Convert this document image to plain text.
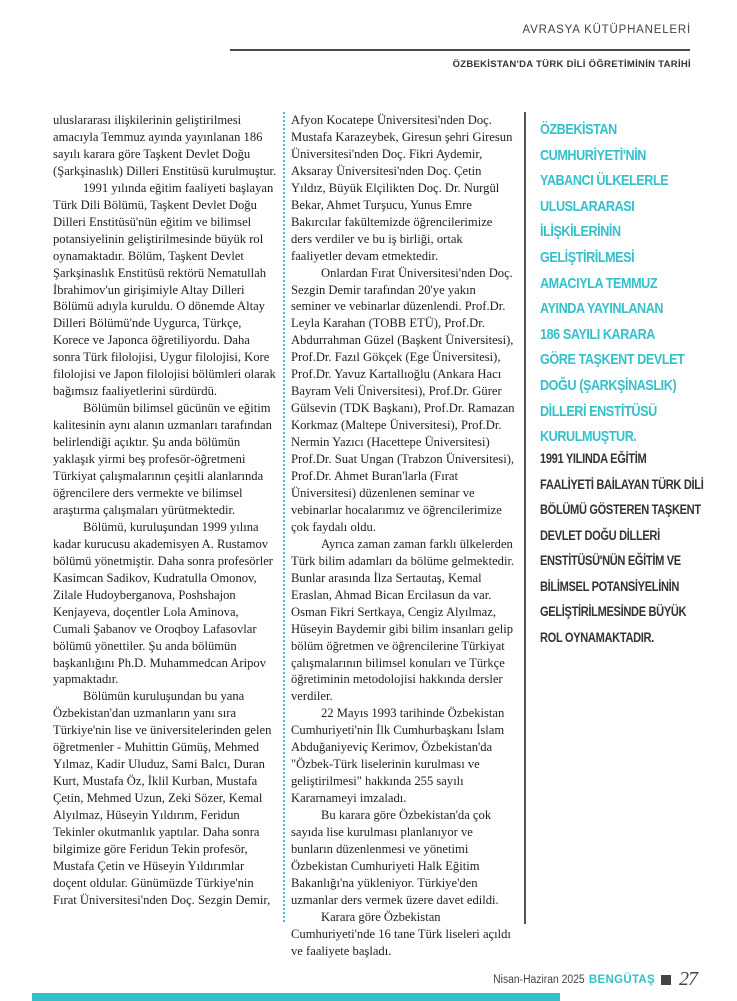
AVRASYA KÜTÜPHANELERİ
ÖZBEKİSTAN'DA TÜRK DİLİ ÖĞRETİMİNİN TARİHİ

uluslararası ilişkilerinin geliştirilmesi amacıyla Temmuz ayında yayınlanan 186 sayılı karara göre Taşkent Devlet Doğu (Şarkşinaslık) Dilleri Enstitüsü kurulmuştur.

1991 yılında eğitim faaliyeti başlayan Türk Dili Bölümü, Taşkent Devlet Doğu Dilleri Enstitüsü'nün eğitim ve bilimsel potansiyelinin geliştirilmesinde büyük rol oynamaktadır. Bölüm, Taşkent Devlet Şarkşinaslık Enstitüsü rektörü Nematullah İbrahimov'un girişimiyle Altay Dilleri Bölümü adıyla kuruldu. O dönemde Altay Dilleri Bölümü'nde Uygurca, Türkçe, Korece ve Japonca öğretiliyordu. Daha sonra Türk filolojisi, Uygur filolojisi, Kore filolojisi ve Japon filolojisi bölümleri olarak bağımsız faaliyetlerini sürdürdü.

Bölümün bilimsel gücünün ve eğitim kalitesinin aynı alanın uzmanları tarafından belirlendiği açıktır. Şu anda bölümün yaklaşık yirmi beş profesör-öğretmeni Türkiyat çalışmalarının çeşitli alanlarında öğrencilere ders vermekte ve bilimsel araştırma çalışmaları yürütmektedir.

Bölümü, kuruluşundan 1999 yılına kadar kurucusu akademisyen A. Rustamov bölümü yönetmiştir. Daha sonra profesörler Kasimcan Sadikov, Kudratulla Omonov, Zilale Hudoyberganova, Poshshajon Kenjayeva, doçentler Lola Aminova, Cumali Şabanov ve Oroqboy Lafasovlar bölümü yönettiler. Şu anda bölümün başkanlığını Ph.D. Muhammedcan Aripov yapmaktadır.

Bölümün kuruluşundan bu yana Özbekistan'dan uzmanların yanı sıra Türkiye'nin lise ve üniversitelerinden gelen öğretmenler - Muhittin Gümüş, Mehmed Yılmaz, Kadir Uluduz, Sami Balcı, Duran Kurt, Mustafa Öz, İklil Kurban, Mustafa Çetin, Mehmed Uzun, Zeki Sözer, Kemal Alyılmaz, Hüseyin Yıldırım, Feridun Tekinler okutmanlık yaptılar. Daha sonra bilgimize göre Feridun Tekin profesör, Mustafa Çetin ve Hüseyin Yıldırımlar doçent oldular. Günümüzde Türkiye'nin Fırat Üniversitesi'nden Doç. Sezgin Demir,

Afyon Kocatepe Üniversitesi'nden Doç. Mustafa Karazeybek, Giresun şehri Giresun Üniversitesi'nden Doç. Fikri Aydemir, Aksaray Üniversitesi'nden Doç. Çetin Yıldız, Büyük Elçilikten Doç. Dr. Nurgül Bekar, Ahmet Turşucu, Yunus Emre Bakırcılar fakültemizde öğrencilerimize ders verdiler ve bu iş birliği, ortak faaliyetler devam etmektedir.

Onlardan Fırat Üniversitesi'nden Doç. Sezgin Demir tarafından 20'ye yakın seminer ve vebinarlar düzenlendi. Prof.Dr. Leyla Karahan (TOBB ETÜ), Prof.Dr. Abdurrahman Güzel (Başkent Üniversitesi), Prof.Dr. Fazıl Gökçek (Ege Üniversitesi), Prof.Dr. Yavuz Kartallıoğlu (Ankara Hacı Bayram Veli Üniversitesi), Prof.Dr. Gürer Gülsevin (TDK Başkanı), Prof.Dr. Ramazan Korkmaz (Maltepe Üniversitesi), Prof.Dr. Nermin Yazıcı (Hacettepe Üniversitesi) Prof.Dr. Suat Ungan (Trabzon Üniversitesi), Prof.Dr. Ahmet Buran'larla (Fırat Üniversitesi) düzenlenen seminar ve vebinarlar hocalarımız ve öğrencilerimize çok faydalı oldu.

Ayrıca zaman zaman farklı ülkelerden Türk bilim adamları da bölüme gelmektedir. Bunlar arasında İlza Sertautaş, Kemal Eraslan, Ahmad Bican Ercilasun da var. Osman Fikri Sertkaya, Cengiz Alyılmaz, Hüseyin Baydemir gibi bilim insanları gelip bölüm öğretmen ve öğrencilerine Türkiyat çalışmalarının bilimsel konuları ve Türkçe öğretiminin metodolojisi hakkında dersler verdiler.

22 Mayıs 1993 tarihinde Özbekistan Cumhuriyeti'nin İlk Cumhurbaşkanı İslam Abduğaniyeviç Kerimov, Özbekistan'da "Özbek-Türk liselerinin kurulması ve geliştirilmesi" hakkında 255 sayılı Kararnameyi imzaladı.

Bu karara göre Özbekistan'da çok sayıda lise kurulması planlanıyor ve bunların düzenlenmesi ve yönetimi Özbekistan Cumhuriyeti Halk Eğitim Bakanlığı'na yükleniyor. Türkiye'den uzmanlar ders vermek üzere davet edildi.

Karara göre Özbekistan Cumhuriyeti'nde 16 tane Türk liseleri açıldı ve faaliyete başladı.

ÖZBEKİSTAN
CUMHURİYETİ'NİN
YABANCI ÜLKELERLE
ULUSLARARASI
İLİŞKİLERİNİN
GELİŞTİRİLMESİ
AMACIYLA TEMMUZ
AYINDA YAYINLANAN
186 SAYILI KARARA
GÖRE TAŞKENT DEVLET
DOĞU (ŞARKŞİNASLIK)
DİLLERİ ENSTİTÜSÜ
KURULMUŞTUR.
1991 YILINDA EĞİTİM
FAALİYETİ BAİLAYAN TÜRK DİLİ
BÖLÜMÜ GÖSTEREN TAŞKENT
DEVLET DOĞU DİLLERİ
ENSTİTÜSÜ'NÜN EĞİTİM VE
BİLİMSEL POTANSİYELİNİN
GELİŞTİRİLMESİNDE BÜYÜK
ROL OYNAMAKTADIR.
Nisan-Haziran 2025 BENGÜTAŞ 27
